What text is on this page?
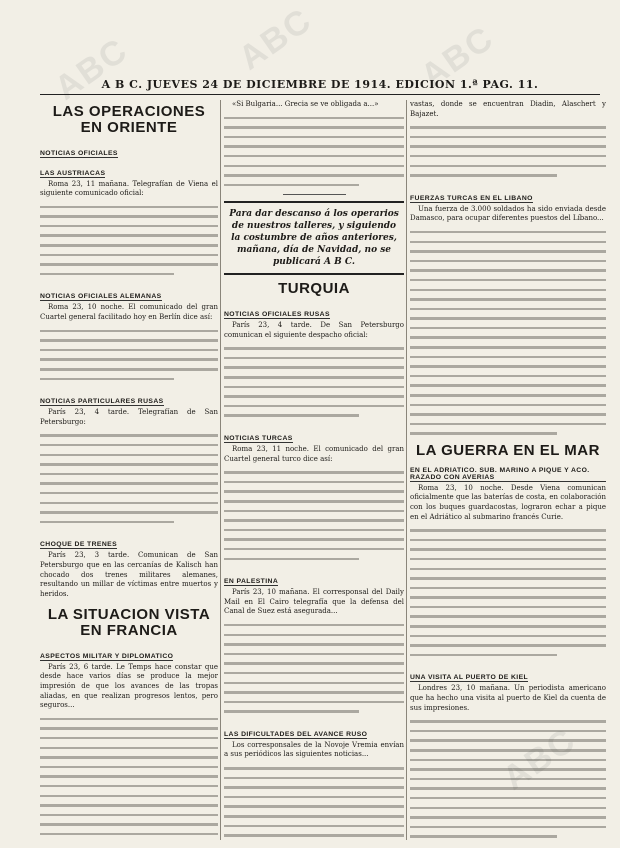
ABC	ABC	ABC
ABC
A B C. JUEVES 24 DE DICIEMBRE DE 1914. EDICION 1.ª PAG. 11.
LAS OPERACIONES EN ORIENTE
NOTICIAS OFICIALES
LAS AUSTRIACAS
Roma 23, 11 mañana. Telegrafían de Viena el siguiente comunicado oficial:
NOTICIAS OFICIALES ALEMANAS
Roma 23, 10 noche. El comunicado del gran Cuartel general facilitado hoy en Berlín dice así:
NOTICIAS PARTICULARES RUSAS
París 23, 4 tarde. Telegrafían de San Petersburgo:
CHOQUE DE TRENES
París 23, 3 tarde. Comunican de San Petersburgo que en las cercanías de Kalisch han chocado dos trenes militares alemanes, resultando un millar de víctimas entre muertos y heridos.
LA SITUACION VISTA EN FRANCIA
ASPECTOS MILITAR Y DIPLOMATICO
París 23, 6 tarde. Le Temps hace constar que desde hace varios días se produce la mejor impresión de que los avances de las tropas aliadas, en que realizan progresos lentos, pero seguros...
«Si Bulgaria... Grecia se ve obligada a...»
Para dar descanso á los operarios de nuestros talleres, y siguiendo la costumbre de años anteriores, mañana, día de Navidad, no se publicará A B C.
TURQUIA
NOTICIAS OFICIALES RUSAS
París 23, 4 tarde. De San Petersburgo comunican el siguiente despacho oficial:
NOTICIAS TURCAS
Roma 23, 11 noche. El comunicado del gran Cuartel general turco dice así:
EN PALESTINA
París 23, 10 mañana. El corresponsal del Daily Mail en El Cairo telegrafía que la defensa del Canal de Suez está asegurada...
LAS DIFICULTADES DEL AVANCE RUSO
Los corresponsales de la Novoje Vremia envían a sus periódicos las siguientes noticias...
vastas, donde se encuentran Diadin, Alaschert y Bajazet.
FUERZAS TURCAS EN EL LIBANO
Una fuerza de 3.000 soldados ha sido enviada desde Damasco, para ocupar diferentes puestos del Líbano...
LA GUERRA EN EL MAR
EN EL ADRIATICO. SUB. MARINO A PIQUE Y ACO. RAZADO CON AVERIAS
Roma 23, 10 noche. Desde Viena comunican oficialmente que las baterías de costa, en colaboración con los buques guardacostas, lograron echar a pique en el Adriático al submarino francés Curie.
UNA VISITA AL PUERTO DE KIEL
Londres 23, 10 mañana. Un periodista americano que ha hecho una visita al puerto de Kiel da cuenta de sus impresiones.
